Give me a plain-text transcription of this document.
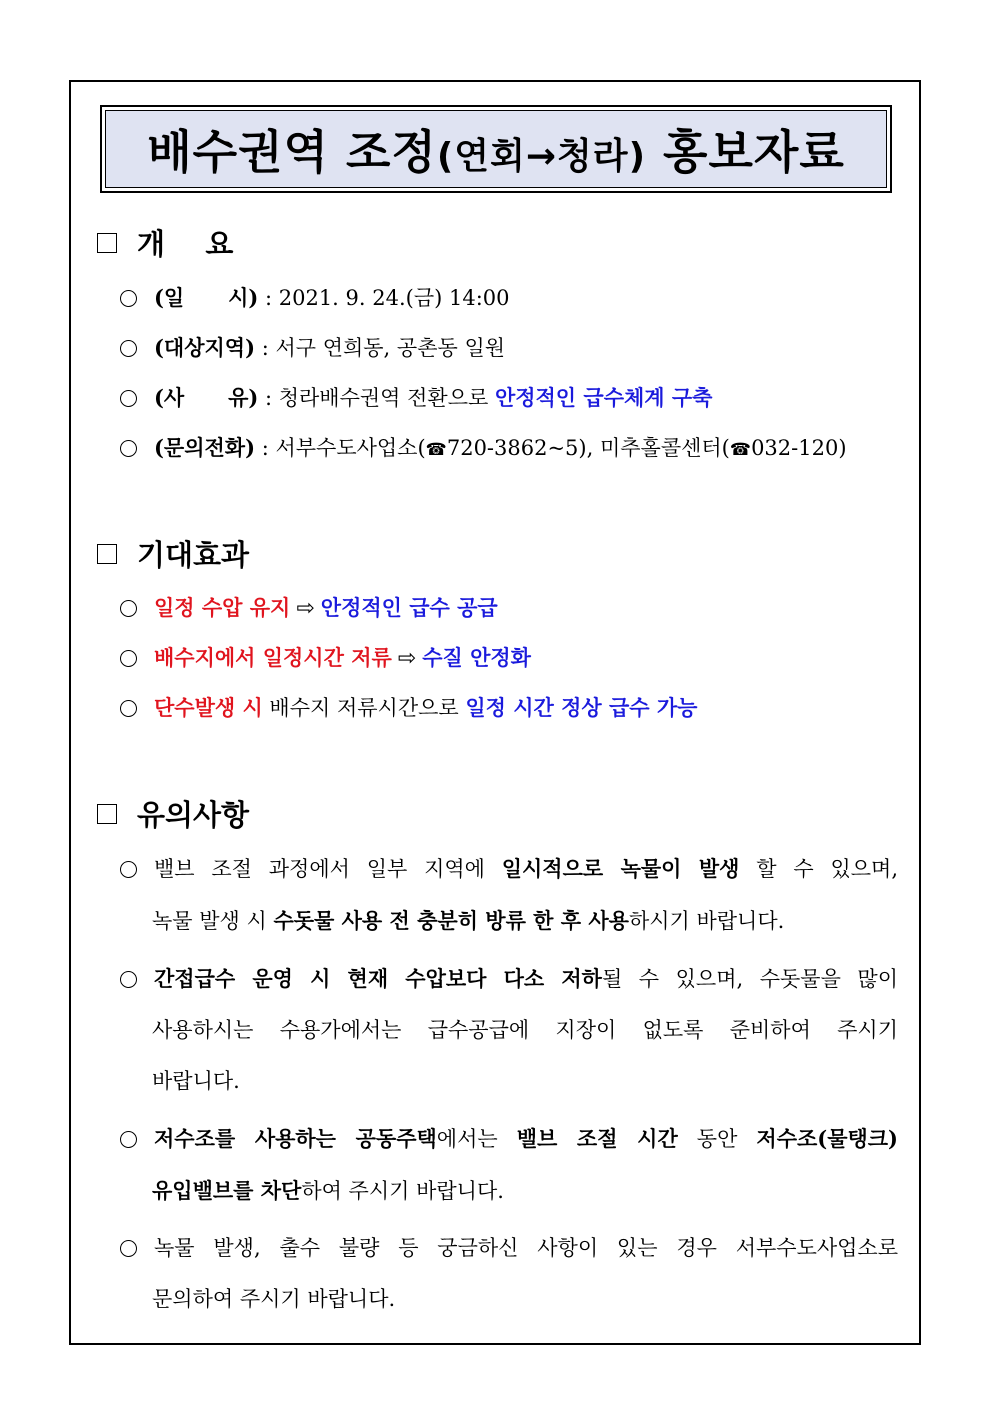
배수권역 조정(연회→청라) 홍보자료
개    요
(일      시) : 2021. 9. 24.(금) 14:00
(대상지역) : 서구 연희동, 공촌동 일원
(사      유) : 청라배수권역 전환으로 안정적인 급수체계 구축
(문의전화) : 서부수도사업소(☎720-3862~5), 미추홀콜센터(☎032-120)
기대효과
일정 수압 유지 ⇨ 안정적인 급수 공급
배수지에서 일정시간 저류 ⇨ 수질 안정화
단수발생 시 배수지 저류시간으로 일정 시간 정상 급수 가능
유의사항
밸브 조절 과정에서 일부 지역에 일시적으로 녹물이 발생 할 수 있으며,
녹물 발생 시 수돗물 사용 전 충분히 방류 한 후 사용하시기 바랍니다.
간접급수 운영 시 현재 수압보다 다소 저하될 수 있으며, 수돗물을 많이
사용하시는 수용가에서는 급수공급에 지장이 없도록 준비하여 주시기
바랍니다.
저수조를 사용하는 공동주택에서는 밸브 조절 시간 동안 저수조(물탱크)
유입밸브를 차단하여 주시기 바랍니다.
녹물 발생, 출수 불량 등 궁금하신 사항이 있는 경우 서부수도사업소로
문의하여 주시기 바랍니다.
